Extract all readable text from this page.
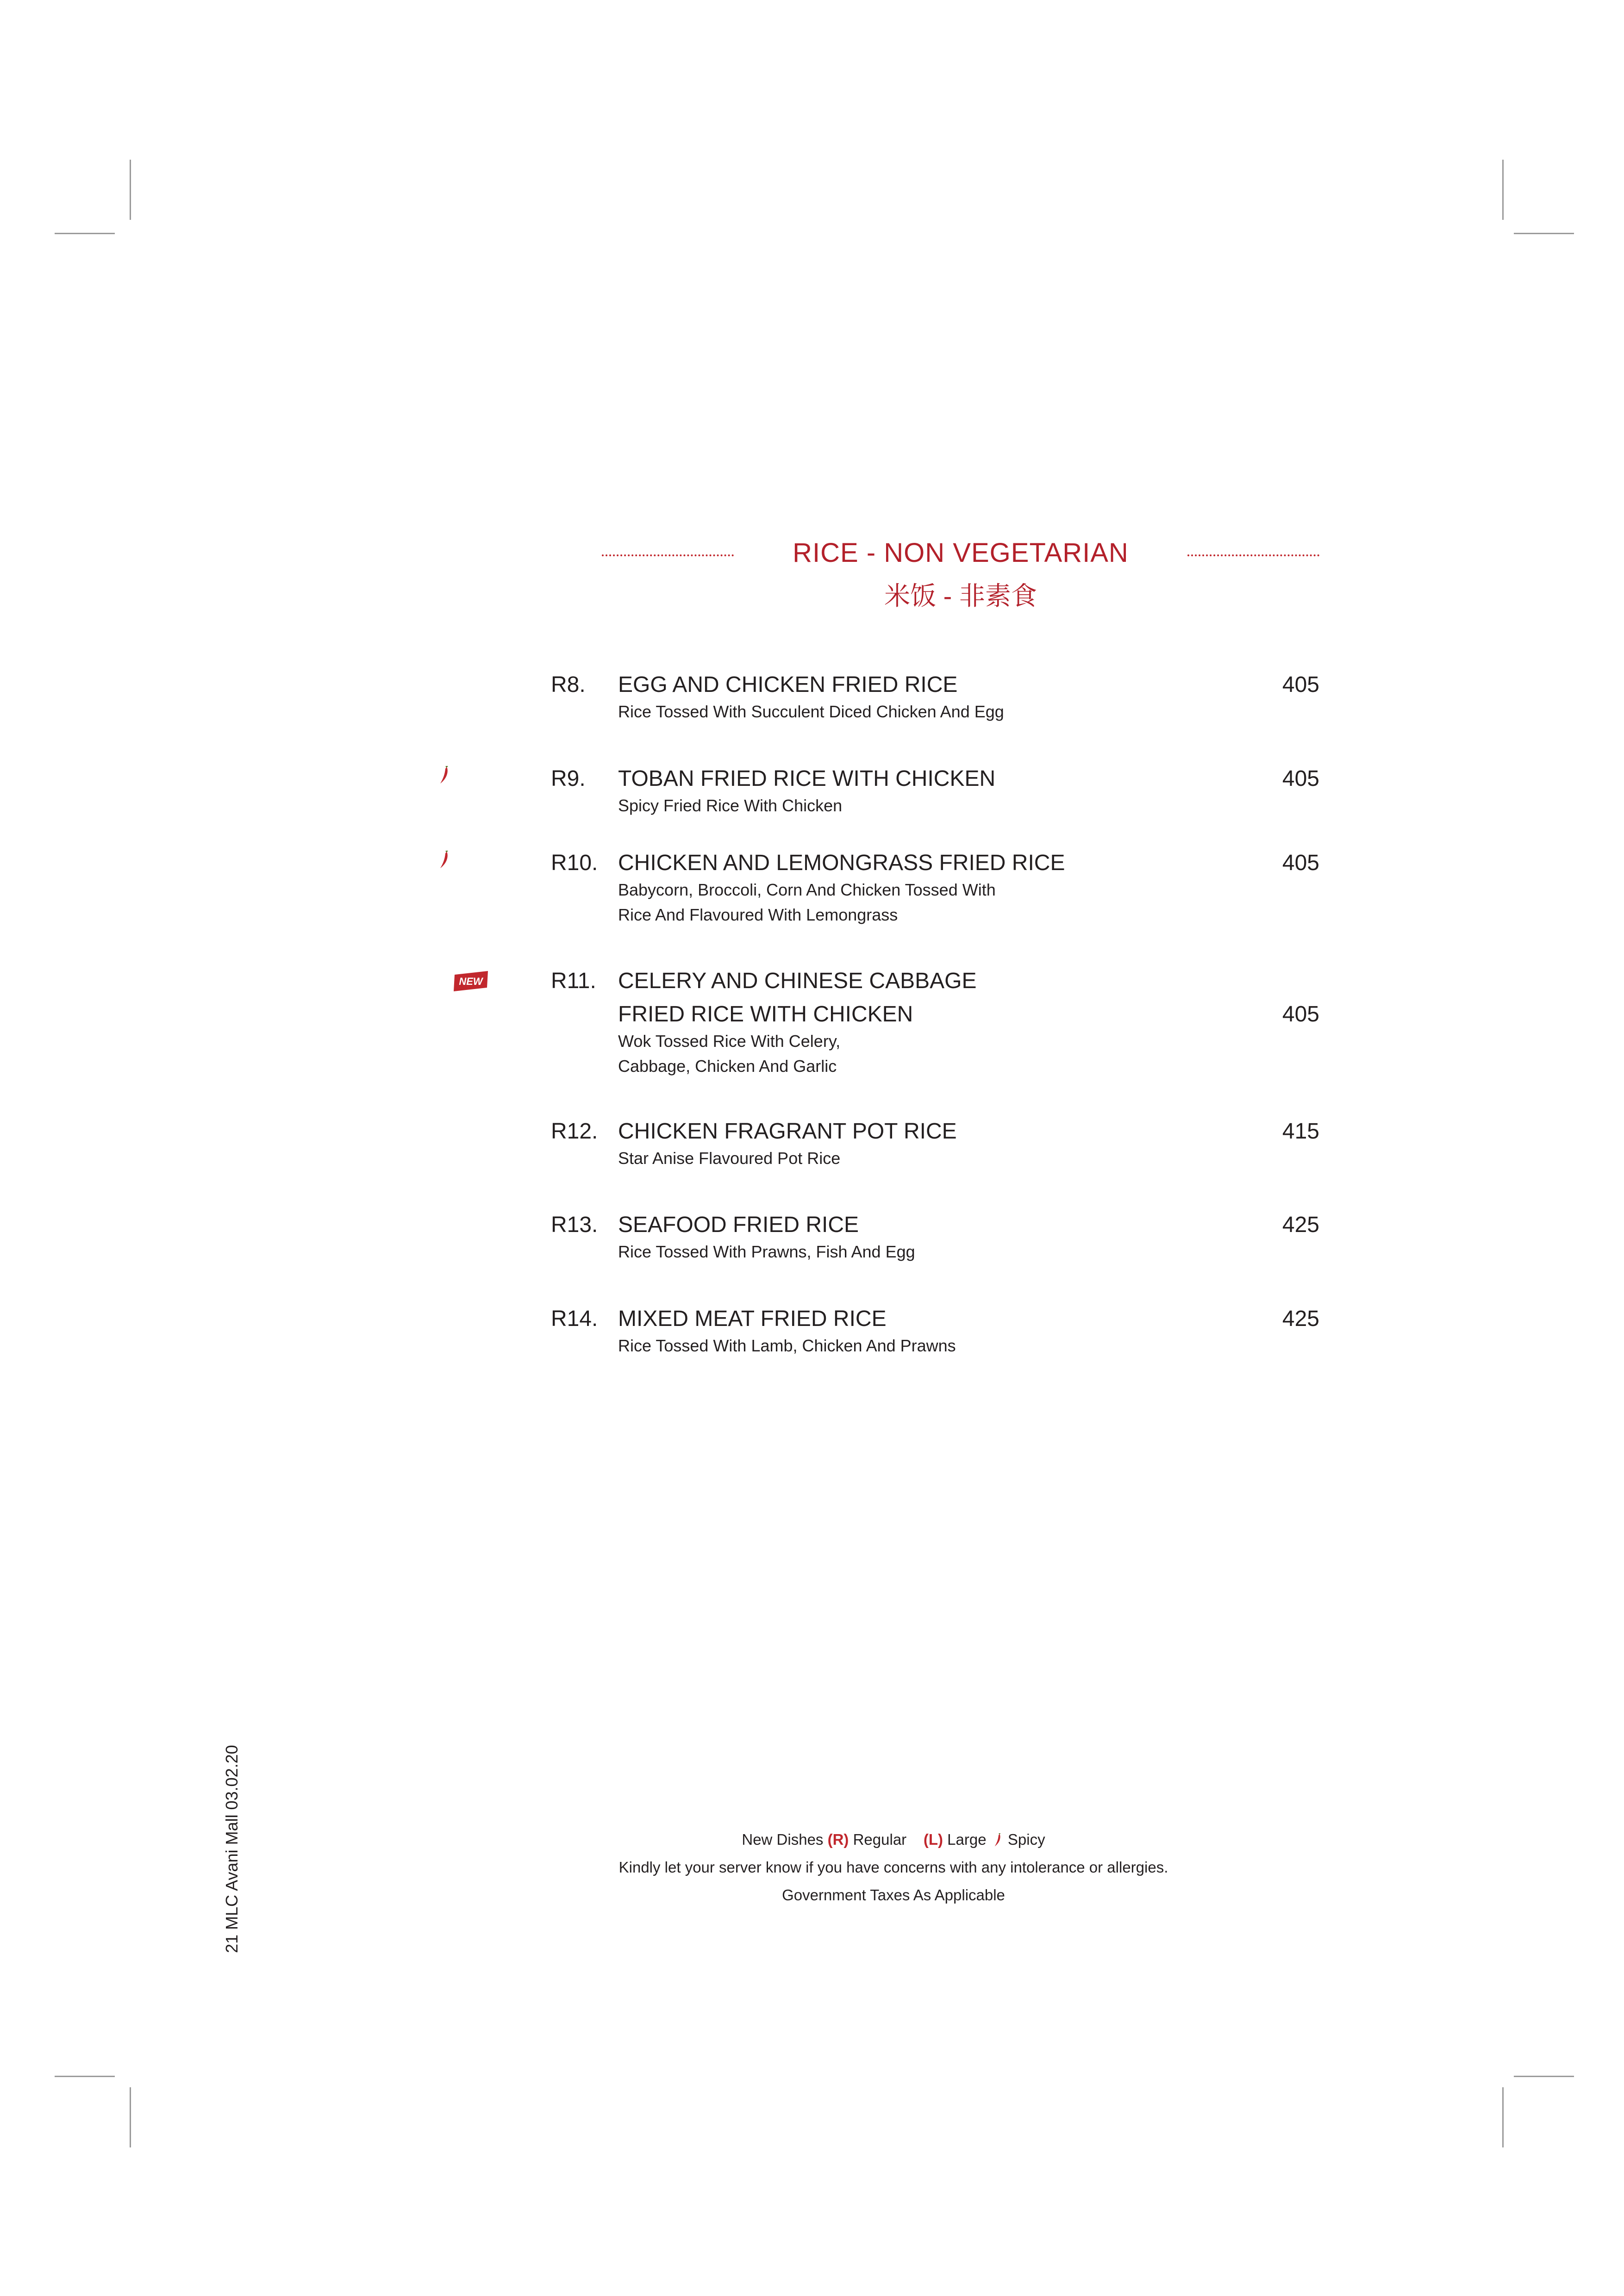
RICE - NON VEGETARIAN
米饭 - 非素食
R8. EGG AND CHICKEN FRIED RICE	405
Rice Tossed With Succulent Diced Chicken And Egg
R9. TOBAN FRIED RICE WITH CHICKEN	405
Spicy Fried Rice With Chicken
R10. CHICKEN AND LEMONGRASS FRIED RICE	405
Babycorn, Broccoli, Corn And Chicken Tossed With
Rice And Flavoured With Lemongrass
R11. CELERY AND CHINESE CABBAGE
FRIED RICE WITH CHICKEN	405
Wok Tossed Rice With Celery,
Cabbage, Chicken And Garlic
NEW
R12. CHICKEN FRAGRANT POT RICE	415
Star Anise Flavoured Pot Rice
R13. SEAFOOD FRIED RICE	425
Rice Tossed With Prawns, Fish And Egg
R14. MIXED MEAT FRIED RICE	425
Rice Tossed With Lamb, Chicken And Prawns
New Dishes (R) Regular (L) Large Spicy
Kindly let your server know if you have concerns with any intolerance or allergies.
Government Taxes As Applicable
21 MLC Avani Mall 03.02.20
